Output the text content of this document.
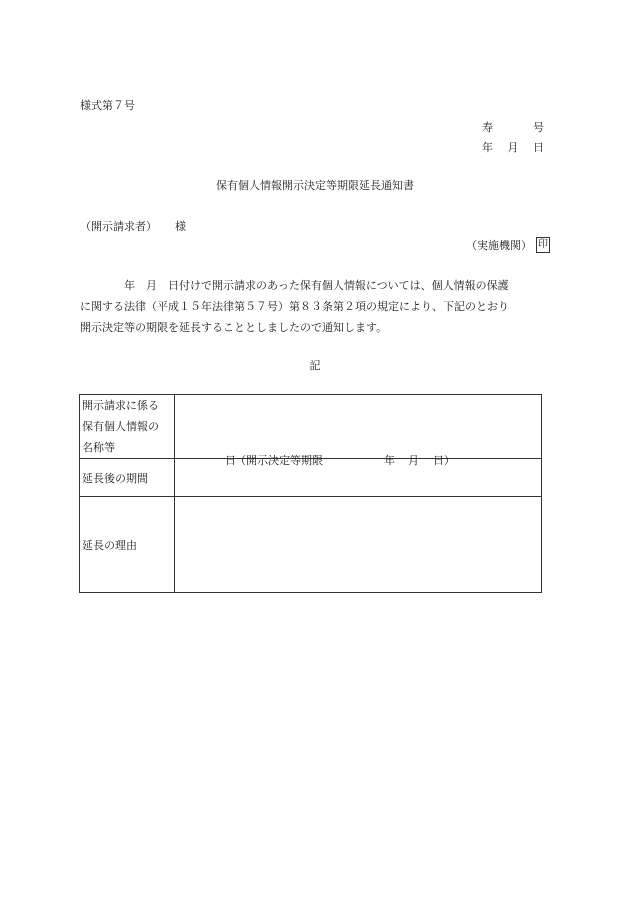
様式第７号
寿	号
年 月 日
保有個人情報開示決定等期限延長通知書
（開示請求者） 様
（実施機関） 印

　　　　年　月　日付けで開示請求のあった保有個人情報については、個人情報の保護

に関する法律（平成１５年法律第５７号）第８３条第２項の規定により、下記のとおり

開示決定等の期限を延長することとしましたので通知します。

記
開示請求に係る
保有個人情報の
名称等	

延長後の期間	日 （開示決定等期限 年 月 日）

延長の理由	
